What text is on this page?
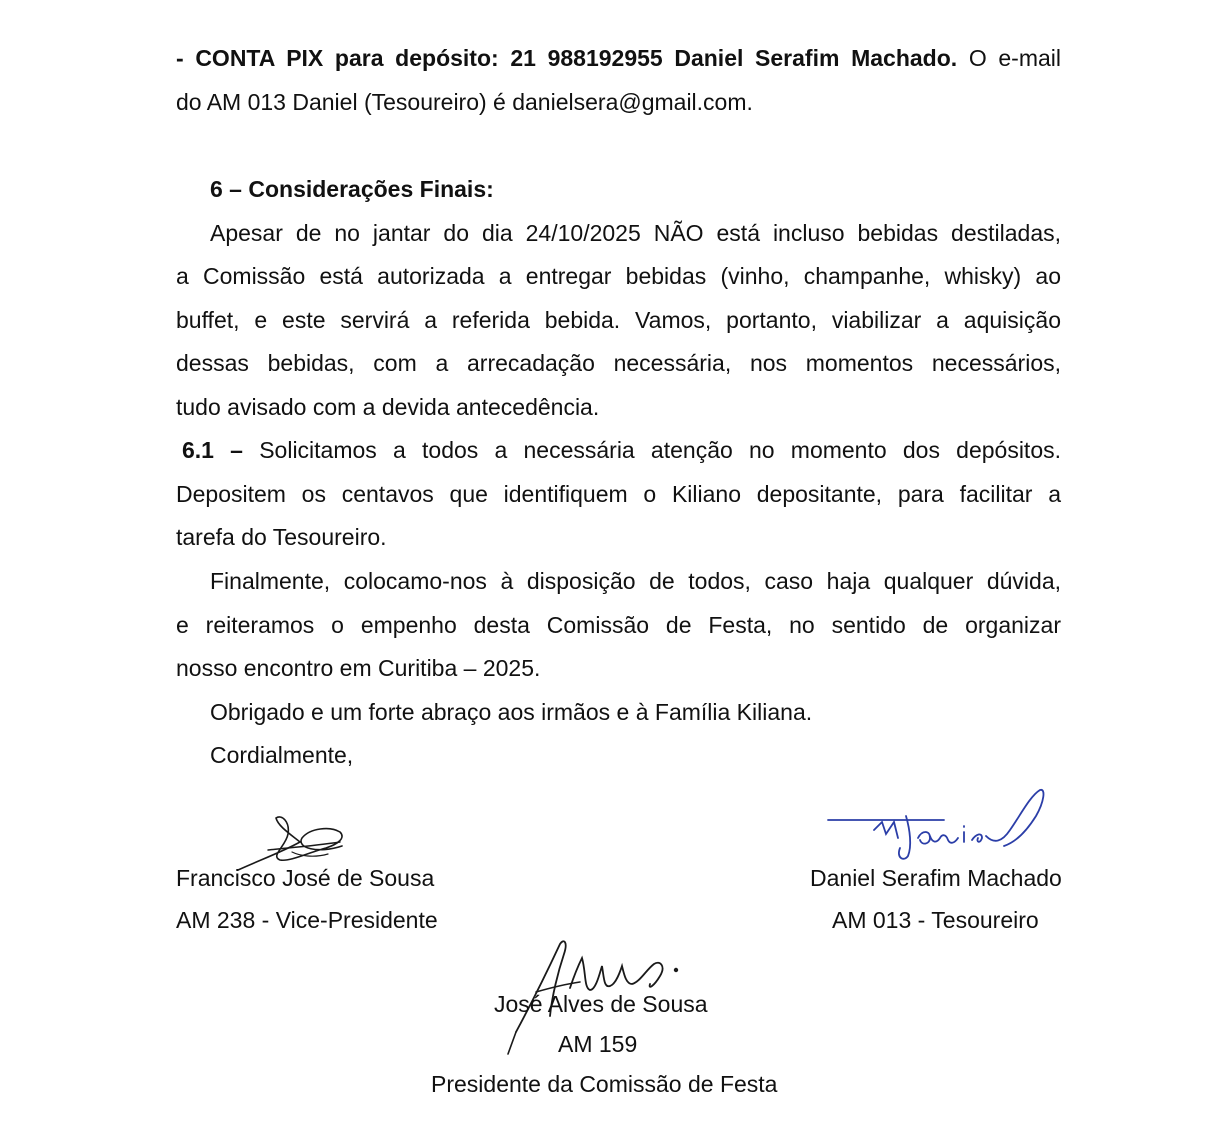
- CONTA PIX para depósito: 21 988192955 Daniel Serafim Machado. O e-mail
do AM 013 Daniel (Tesoureiro) é danielsera@gmail.com.
6 – Considerações Finais:
Apesar de no jantar do dia 24/10/2025 NÃO está incluso bebidas destiladas,
a Comissão está autorizada a entregar bebidas (vinho, champanhe, whisky) ao
buffet, e este servirá a referida bebida. Vamos, portanto, viabilizar a aquisição
dessas bebidas, com a arrecadação necessária, nos momentos necessários,
tudo avisado com a devida antecedência.
6.1 – Solicitamos a todos a necessária atenção no momento dos depósitos.
Depositem os centavos que identifiquem o Kiliano depositante, para facilitar a
tarefa do Tesoureiro.
Finalmente, colocamo-nos à disposição de todos, caso haja qualquer dúvida,
e reiteramos o empenho desta Comissão de Festa, no sentido de organizar
nosso encontro em Curitiba – 2025.
Obrigado e um forte abraço aos irmãos e à Família Kiliana.
Cordialmente,
Francisco José de Sousa
AM 238 - Vice-Presidente
Daniel Serafim Machado
AM 013 - Tesoureiro
José Alves de Sousa
AM 159
Presidente da Comissão de Festa
